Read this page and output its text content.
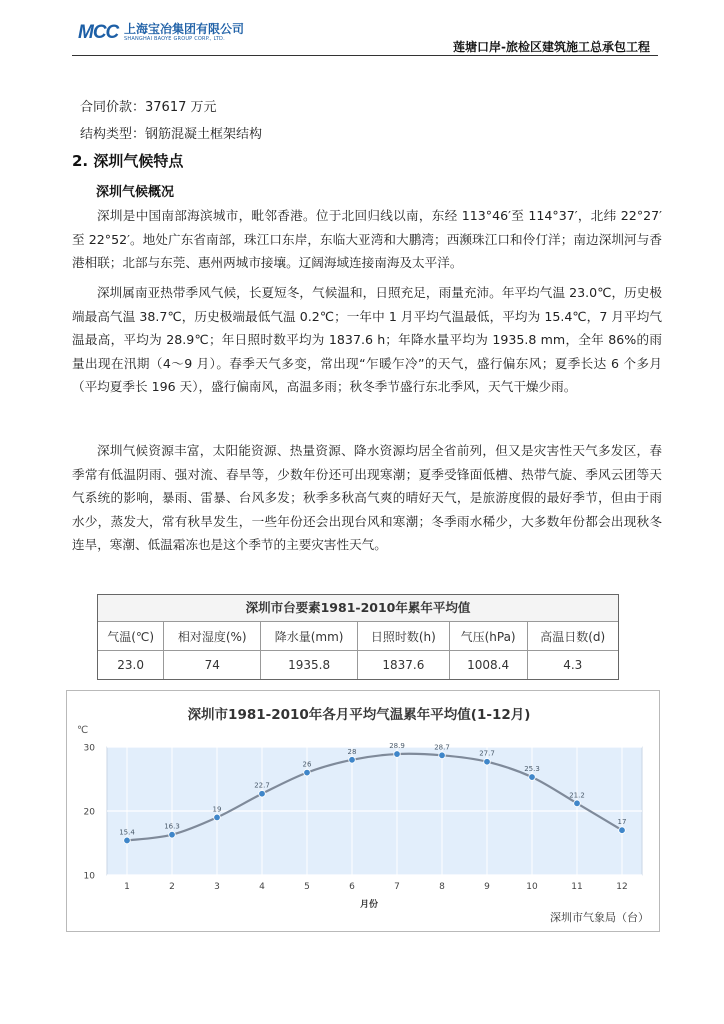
MCC 上海宝冶集团有限公司
SHANGHAI BAOYE GROUP CORP., LTD.
莲塘口岸-旅检区建筑施工总承包工程
合同价款：37617 万元
结构类型：钢筋混凝土框架结构
2. 深圳气候特点
深圳气候概况
深圳是中国南部海滨城市，毗邻香港。位于北回归线以南，东经 113°46′至 114°37′，北纬 22°27′至 22°52′。地处广东省南部，珠江口东岸，东临大亚湾和大鹏湾；西濒珠江口和伶仃洋；南边深圳河与香港相联；北部与东莞、惠州两城市接壤。辽阔海域连接南海及太平洋。
深圳属南亚热带季风气候，长夏短冬，气候温和，日照充足，雨量充沛。年平均气温 23.0℃，历史极端最高气温 38.7℃，历史极端最低气温 0.2℃；一年中 1 月平均气温最低，平均为 15.4℃，7 月平均气温最高，平均为 28.9℃；年日照时数平均为 1837.6 h；年降水量平均为 1935.8 mm，全年 86%的雨量出现在汛期（4～9 月）。春季天气多变，常出现“乍暖乍冷”的天气，盛行偏东风；夏季长达 6 个多月（平均夏季长 196 天），盛行偏南风，高温多雨；秋冬季节盛行东北季风，天气干燥少雨。
深圳气候资源丰富，太阳能资源、热量资源、降水资源均居全省前列，但又是灾害性天气多发区，春季常有低温阴雨、强对流、春旱等，少数年份还可出现寒潮；夏季受锋面低槽、热带气旋、季风云团等天气系统的影响，暴雨、雷暴、台风多发；秋季多秋高气爽的晴好天气，是旅游度假的最好季节，但由于雨水少，蒸发大，常有秋旱发生，一些年份还会出现台风和寒潮；冬季雨水稀少，大多数年份都会出现秋冬连旱，寒潮、低温霜冻也是这个季节的主要灾害性天气。
深圳市台要素1981-2010年累年平均值
气温(℃)	相对湿度(%)	降水量(mm)	日照时数(h)	气压(hPa)	高温日数(d)
23.0	74	1935.8	1837.6	1008.4	4.3
深圳市1981-2010年各月平均气温累年平均值(1-12月)
℃
月份
深圳市气象局（台）
10
20
30
1	2	3	4	5	6	7	8	9	10	11	12
15.4
16.3
19
22.7
26
28
28.9	28.7
27.7
25.3
21.2
17
